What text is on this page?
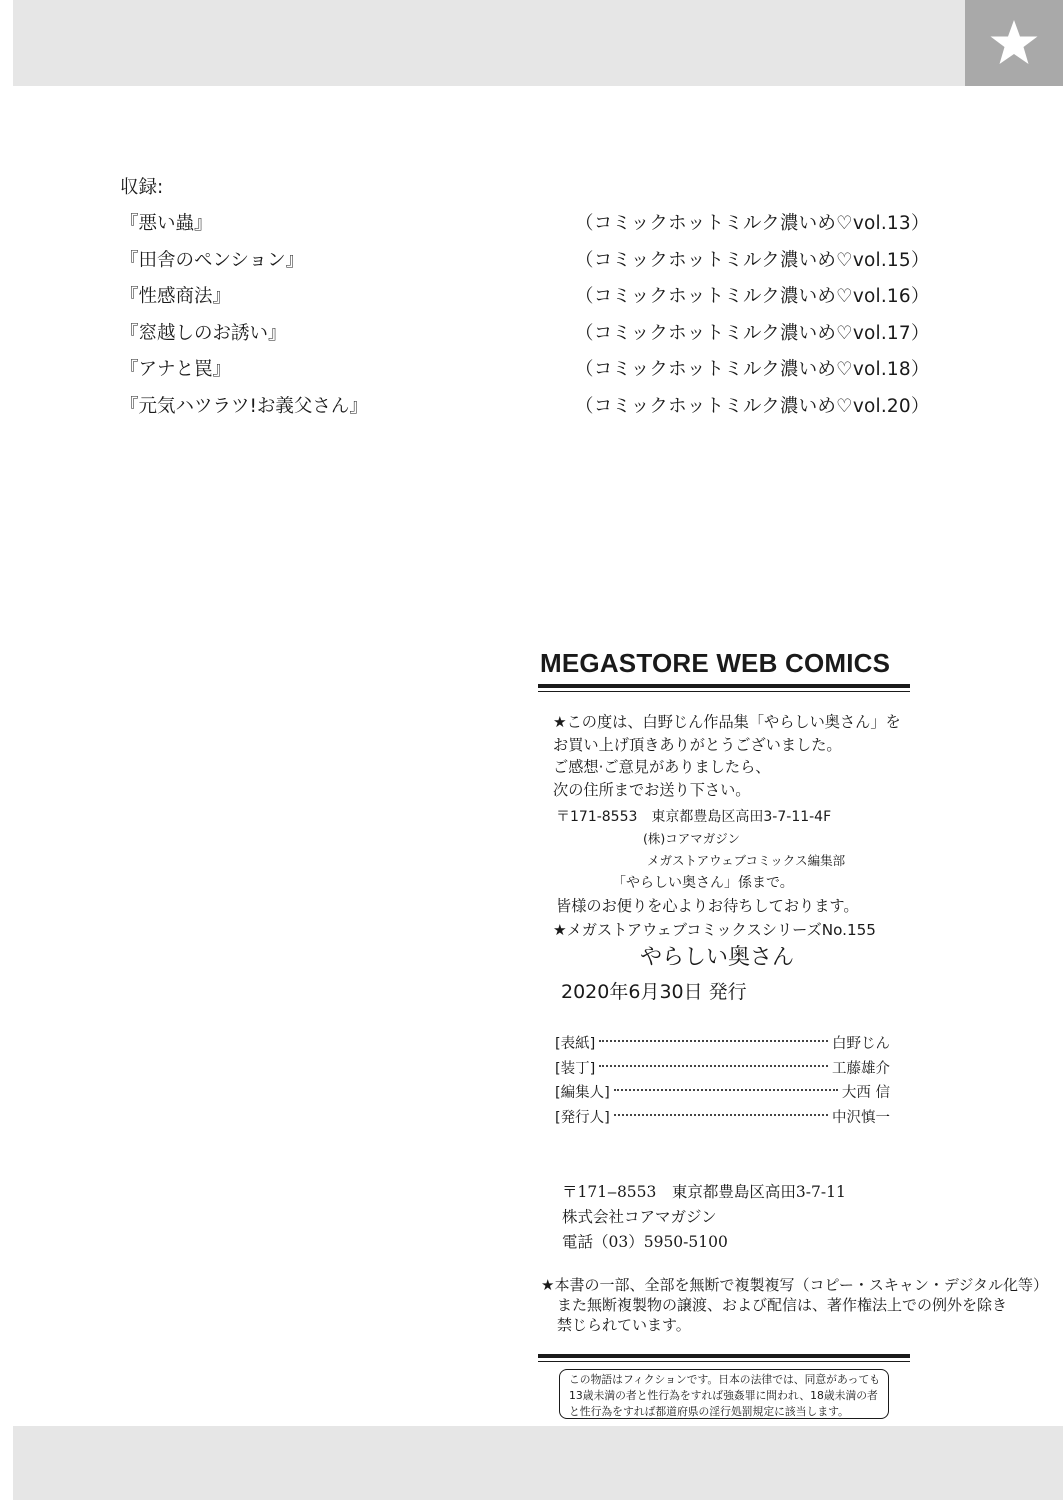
収録:
『悪い蟲』	（コミックホットミルク濃いめ♡vol.13）
『田舎のペンション』	（コミックホットミルク濃いめ♡vol.15）
『性感商法』	（コミックホットミルク濃いめ♡vol.16）
『窓越しのお誘い』	（コミックホットミルク濃いめ♡vol.17）
『アナと罠』	（コミックホットミルク濃いめ♡vol.18）
『元気ハツラツ!お義父さん』	（コミックホットミルク濃いめ♡vol.20）
MEGASTORE WEB COMICS
★この度は、白野じん作品集「やらしい奥さん」を
お買い上げ頂きありがとうございました。
ご感想·ご意見がありましたら、
次の住所までお送り下さい。
〒171-8553　東京都豊島区高田3-7-11-4F
(株)コアマガジン
メガストアウェブコミックス編集部
「やらしい奥さん」係まで。
皆様のお便りを心よりお待ちしております。
★メガストアウェブコミックスシリーズNo.155
やらしい奥さん
2020年6月30日 発行
[表紙]	白野じん
[装丁]	工藤雄介
[編集人]	大西 信
[発行人]	中沢慎一
〒171‒8553　東京都豊島区高田3-7-11
株式会社コアマガジン
電話（03）5950-5100
★本書の一部、全部を無断で複製複写（コピー・スキャン・デジタル化等）
また無断複製物の譲渡、および配信は、著作権法上での例外を除き
禁じられています。
この物語はフィクションです。日本の法律では、同意があっても
13歳未満の者と性行為をすれば強姦罪に問われ、18歳未満の者
と性行為をすれば都道府県の淫行処罰規定に該当します。
